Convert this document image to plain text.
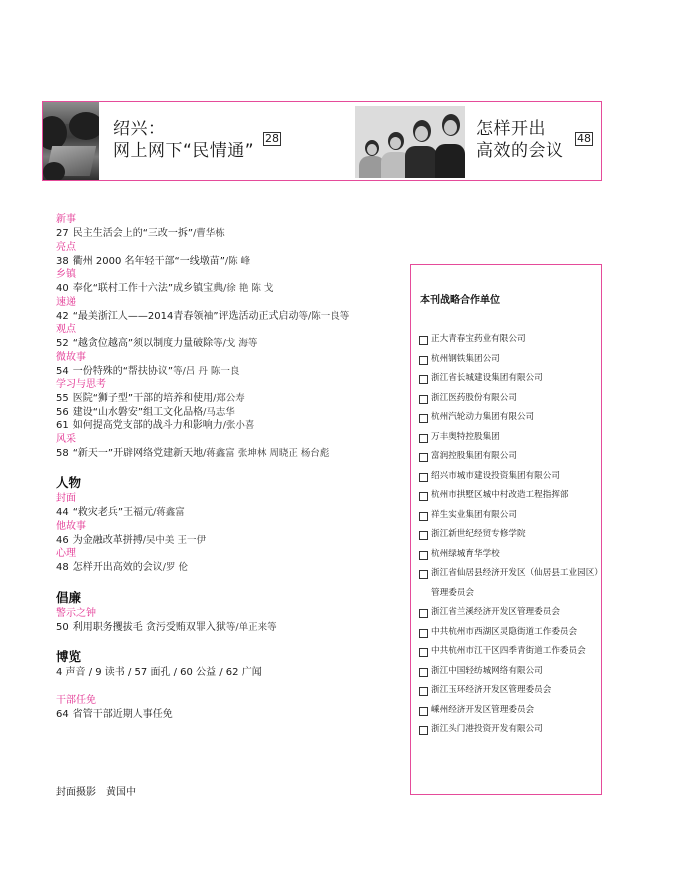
绍兴：
网上网下“民情通”
28	怎样开出
高效的会议
48
新事
27 民主生活会上的“三改一拆”/曹华栋
亮点
38 衢州 2000 名年轻干部“一线墩苗”/陈 峰
乡镇
40 奉化“联村工作十六法”成乡镇宝典/徐 艳 陈 戈
速递
42 “最美浙江人——2014青春领袖”评选活动正式启动等/陈一良等
观点
52 “越贪位越高”须以制度力量破除等/戈 海等
微故事
54 一份特殊的“帮扶协议”等/吕 丹 陈一良
学习与思考
55 医院“狮子型”干部的培养和使用/郑公寿
56 建设“山水磐安”组工文化品格/马志华
61 如何提高党支部的战斗力和影响力/张小喜
风采
58 “新天一”开辟网络党建新天地/蒋鑫富 张坤林 周晓正 杨台彪
人物
封面
44 “救灾老兵”王福元/蒋鑫富
他故事
46 为金融改革拼搏/吴中美 王一伊
心理
48 怎样开出高效的会议/罗 伦
倡廉
警示之钟
50 利用职务攫拔毛 贪污受贿双罪入狱等/单正来等
博览
4 声音 / 9 读书 / 57 面孔 / 60 公益 / 62 广闻
干部任免
64 省管干部近期人事任免
封面摄影 黄国中
本刊战略合作单位
正大青春宝药业有限公司
杭州钢铁集团公司
浙江省长城建设集团有限公司
浙江医药股份有限公司
杭州汽轮动力集团有限公司
万丰奥特控股集团
富润控股集团有限公司
绍兴市城市建设投资集团有限公司
杭州市拱墅区城中村改造工程指挥部
祥生实业集团有限公司
浙江新世纪经贸专修学院
杭州绿城育华学校
浙江省仙居县经济开发区（仙居县工业园区）管理委员会
浙江省兰溪经济开发区管理委员会
中共杭州市西湖区灵隐街道工作委员会
中共杭州市江干区四季青街道工作委员会
浙江中国轻纺城网络有限公司
浙江玉环经济开发区管理委员会
嵊州经济开发区管理委员会
浙江头门港投资开发有限公司
